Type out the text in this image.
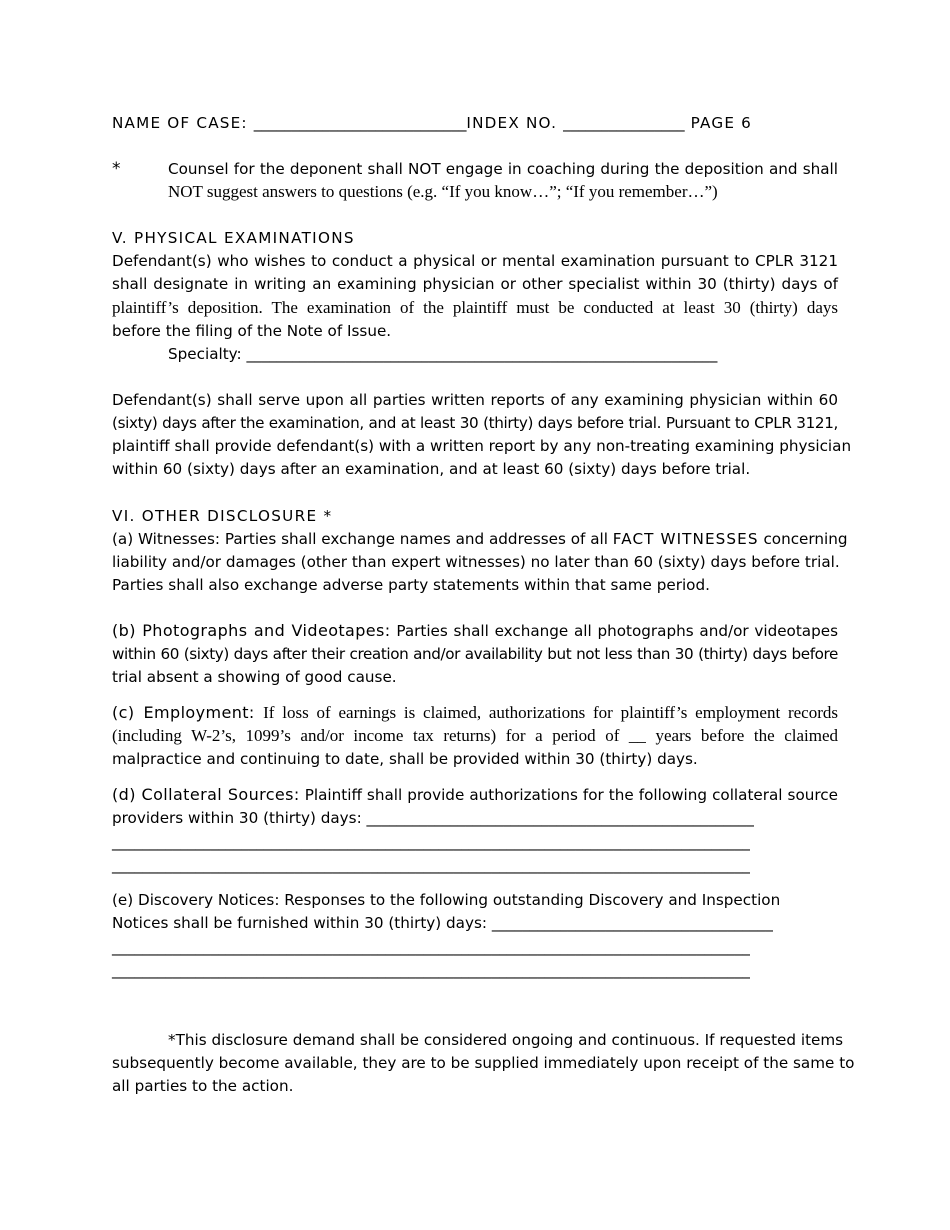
NAME OF CASE: ____________________________INDEX NO. ________________ PAGE 6
*	Counsel for the deponent shall NOT engage in coaching during the deposition and shall
NOT suggest answers to questions (e.g. “If you know…”; “If you remember…”)
V. PHYSICAL EXAMINATIONS
Defendant(s) who wishes to conduct a physical or mental examination pursuant to CPLR 3121
shall designate in writing an examining physician or other specialist within 30 (thirty) days of
plaintiff’s deposition. The examination of the plaintiff must be conducted at least 30 (thirty) days
before the filing of the Note of Issue.
Specialty: ______________________________________________________________
Defendant(s) shall serve upon all parties written reports of any examining physician within 60
(sixty) days after the examination, and at least 30 (thirty) days before trial. Pursuant to CPLR 3121,
plaintiff shall provide defendant(s) with a written report by any non-treating examining physician
within 60 (sixty) days after an examination, and at least 60 (sixty) days before trial.
VI. OTHER DISCLOSURE *
(a) Witnesses: Parties shall exchange names and addresses of all FACT WITNESSES concerning
liability and/or damages (other than expert witnesses) no later than 60 (sixty) days before trial.
Parties shall also exchange adverse party statements within that same period.
(b) Photographs and Videotapes: Parties shall exchange all photographs and/or videotapes
within 60 (sixty) days after their creation and/or availability but not less than 30 (thirty) days before
trial absent a showing of good cause.
(c) Employment: If loss of earnings is claimed, authorizations for plaintiff’s employment records
(including W-2’s, 1099’s and/or income tax returns) for a period of __ years before the claimed
malpractice and continuing to date, shall be provided within 30 (thirty) days.
(d) Collateral Sources: Plaintiff shall provide authorizations for the following collateral source
providers within 30 (thirty) days: ___________________________________________________
____________________________________________________________________________________
____________________________________________________________________________________
(e) Discovery Notices: Responses to the following outstanding Discovery and Inspection
Notices shall be furnished within 30 (thirty) days: _____________________________________
____________________________________________________________________________________
____________________________________________________________________________________
*This disclosure demand shall be considered ongoing and continuous. If requested items
subsequently become available, they are to be supplied immediately upon receipt of the same to
all parties to the action.
